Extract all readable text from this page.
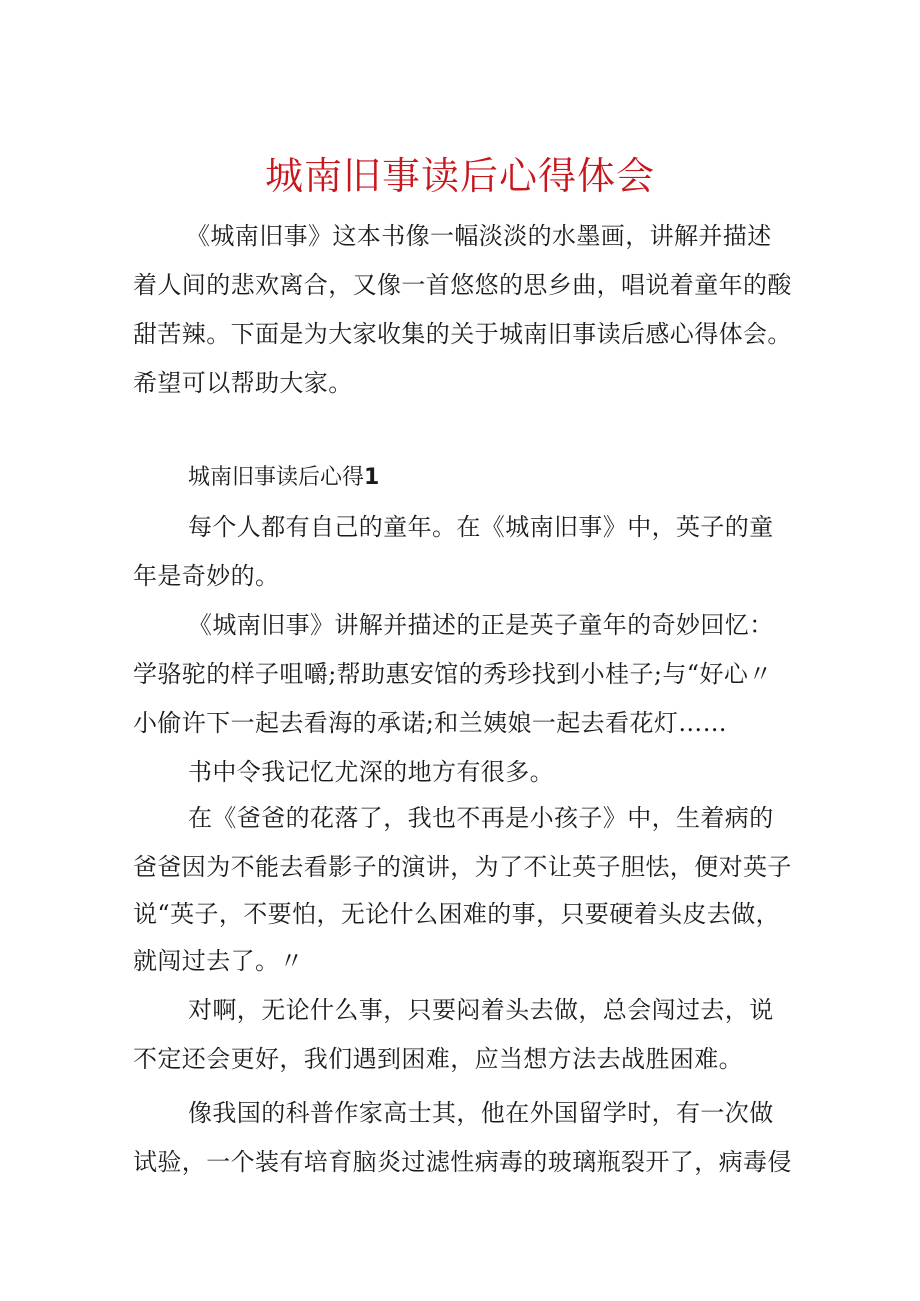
城南旧事读后心得体会
《城南旧事》这本书像一幅淡淡的水墨画，讲解并描述
着人间的悲欢离合，又像一首悠悠的思乡曲，唱说着童年的酸
甜苦辣。下面是为大家收集的关于城南旧事读后感心得体会。
希望可以帮助大家。
城南旧事读后心得1
每个人都有自己的童年。在《城南旧事》中，英子的童
年是奇妙的。
《城南旧事》讲解并描述的正是英子童年的奇妙回忆：
学骆驼的样子咀嚼;帮助惠安馆的秀珍找到小桂子;与“好心〃
小偷许下一起去看海的承诺;和兰姨娘一起去看花灯……
书中令我记忆尤深的地方有很多。
在《爸爸的花落了，我也不再是小孩子》中，生着病的
爸爸因为不能去看影子的演讲，为了不让英子胆怯，便对英子
说“英子，不要怕，无论什么困难的事，只要硬着头皮去做，
就闯过去了。〃
对啊，无论什么事，只要闷着头去做，总会闯过去，说
不定还会更好，我们遇到困难，应当想方法去战胜困难。
像我国的科普作家高士其，他在外国留学时，有一次做
试验，一个装有培育脑炎过滤性病毒的玻璃瓶裂开了，病毒侵
